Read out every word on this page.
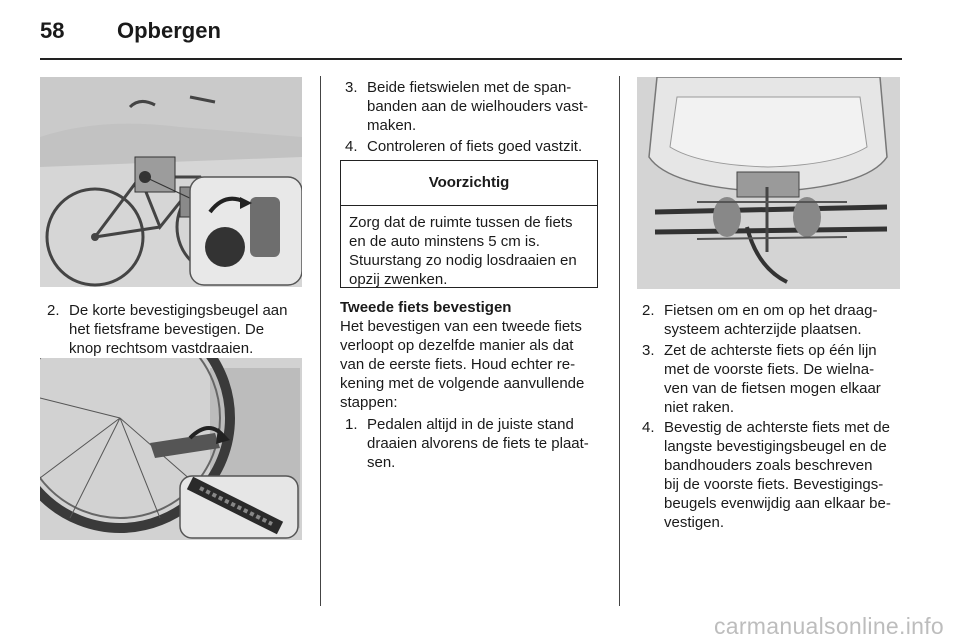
58 Opbergen
2. De korte bevestigingsbeugel aan
het fietsframe bevestigen. De
knop rechtsom vastdraaien.
3. Beide fietswielen met de span-
banden aan de wielhouders vast-
maken.
4. Controleren of fiets goed vastzit.
Voorzichtig
Zorg dat de ruimte tussen de fiets
en de auto minstens 5 cm is.
Stuurstang zo nodig losdraaien en
opzij zwenken.
Tweede fiets bevestigen
Het bevestigen van een tweede fiets
verloopt op dezelfde manier als dat
van de eerste fiets. Houd echter re-
kening met de volgende aanvullende
stappen:
1. Pedalen altijd in de juiste stand
draaien alvorens de fiets te plaat-
sen.
2. Fietsen om en om op het draag-
systeem achterzijde plaatsen.
3. Zet de achterste fiets op één lijn
met de voorste fiets. De wielna-
ven van de fietsen mogen elkaar
niet raken.
4. Bevestig de achterste fiets met de
langste bevestigingsbeugel en de
bandhouders zoals beschreven
bij de voorste fiets. Bevestigings-
beugels evenwijdig aan elkaar be-
vestigen.
carmanualsonline.info
